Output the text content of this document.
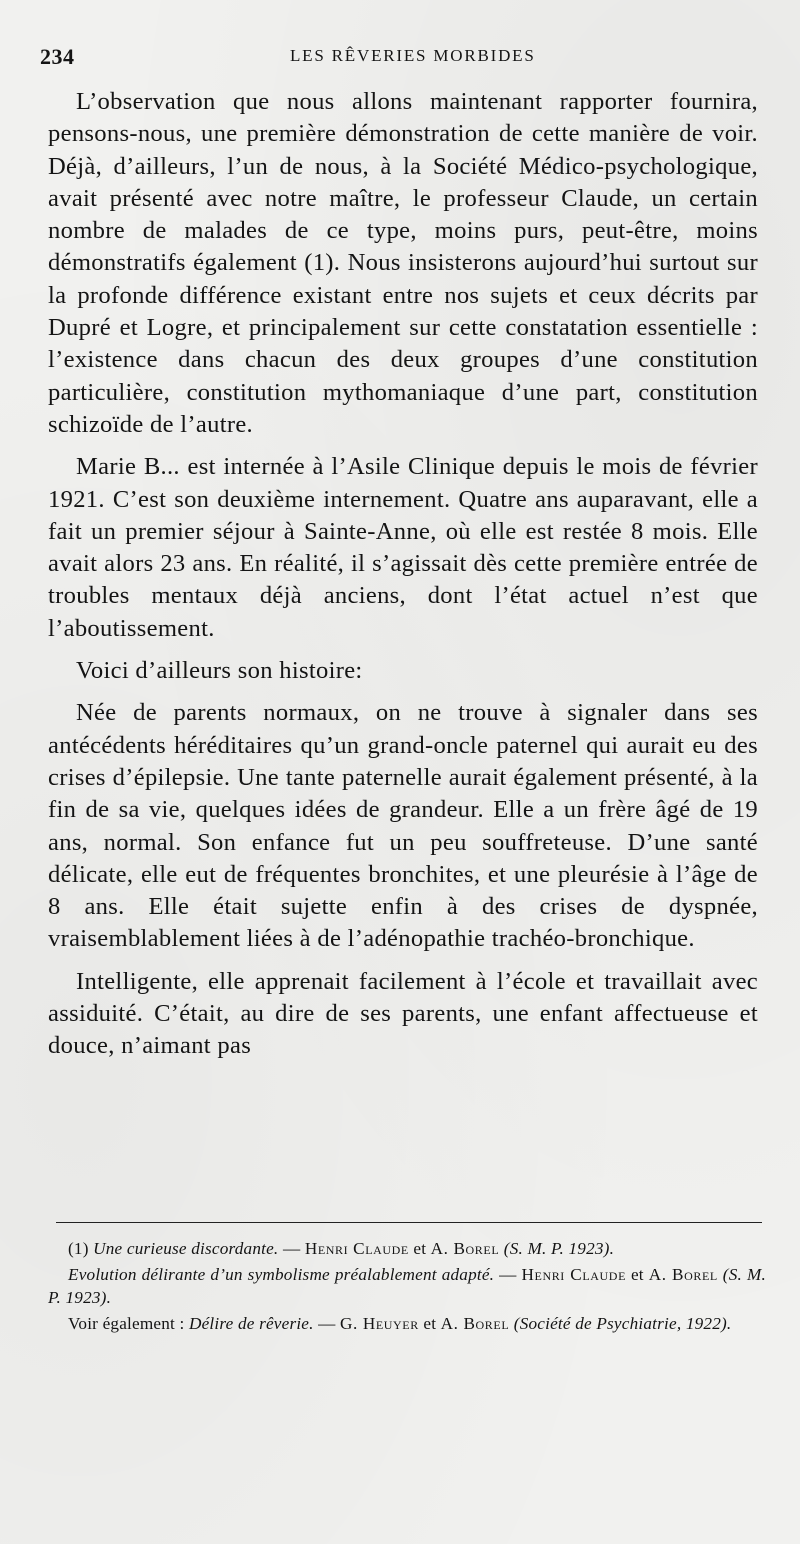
234	LES RÊVERIES MORBIDES

L’observation que nous allons maintenant rapporter fournira, pensons-nous, une première démonstration de cette manière de voir. Déjà, d’ailleurs, l’un de nous, à la Société Médico-psychologique, avait présenté avec notre maître, le professeur Claude, un certain nombre de malades de ce type, moins purs, peut-être, moins démonstratifs également (1). Nous insisterons aujourd’hui surtout sur la profonde différence existant entre nos sujets et ceux décrits par Dupré et Logre, et principalement sur cette constatation essentielle : l’existence dans chacun des deux groupes d’une constitution particulière, constitution mythomaniaque d’une part, constitution schizoïde de l’autre.

Marie B... est internée à l’Asile Clinique depuis le mois de février 1921. C’est son deuxième internement. Quatre ans auparavant, elle a fait un premier séjour à Sainte-Anne, où elle est restée 8 mois. Elle avait alors 23 ans. En réalité, il s’agissait dès cette première entrée de troubles mentaux déjà anciens, dont l’état actuel n’est que l’aboutissement.

Voici d’ailleurs son histoire:

Née de parents normaux, on ne trouve à signaler dans ses antécédents héréditaires qu’un grand-oncle paternel qui aurait eu des crises d’épilepsie. Une tante paternelle aurait également présenté, à la fin de sa vie, quelques idées de grandeur. Elle a un frère âgé de 19 ans, normal. Son enfance fut un peu souffreteuse. D’une santé délicate, elle eut de fréquentes bronchites, et une pleurésie à l’âge de 8 ans. Elle était sujette enfin à des crises de dyspnée, vraisemblablement liées à de l’adénopathie trachéo-bronchique.

Intelligente, elle apprenait facilement à l’école et travaillait avec assiduité. C’était, au dire de ses parents, une enfant affectueuse et douce, n’aimant pas

(1) Une curieuse discordante. — Henri Claude et A. Borel (S. M. P. 1923).

Evolution délirante d’un symbolisme préalablement adapté. — Henri Claude et A. Borel (S. M. P. 1923).

Voir également : Délire de rêverie. — G. Heuyer et A. Borel (Société de Psychiatrie, 1922).
